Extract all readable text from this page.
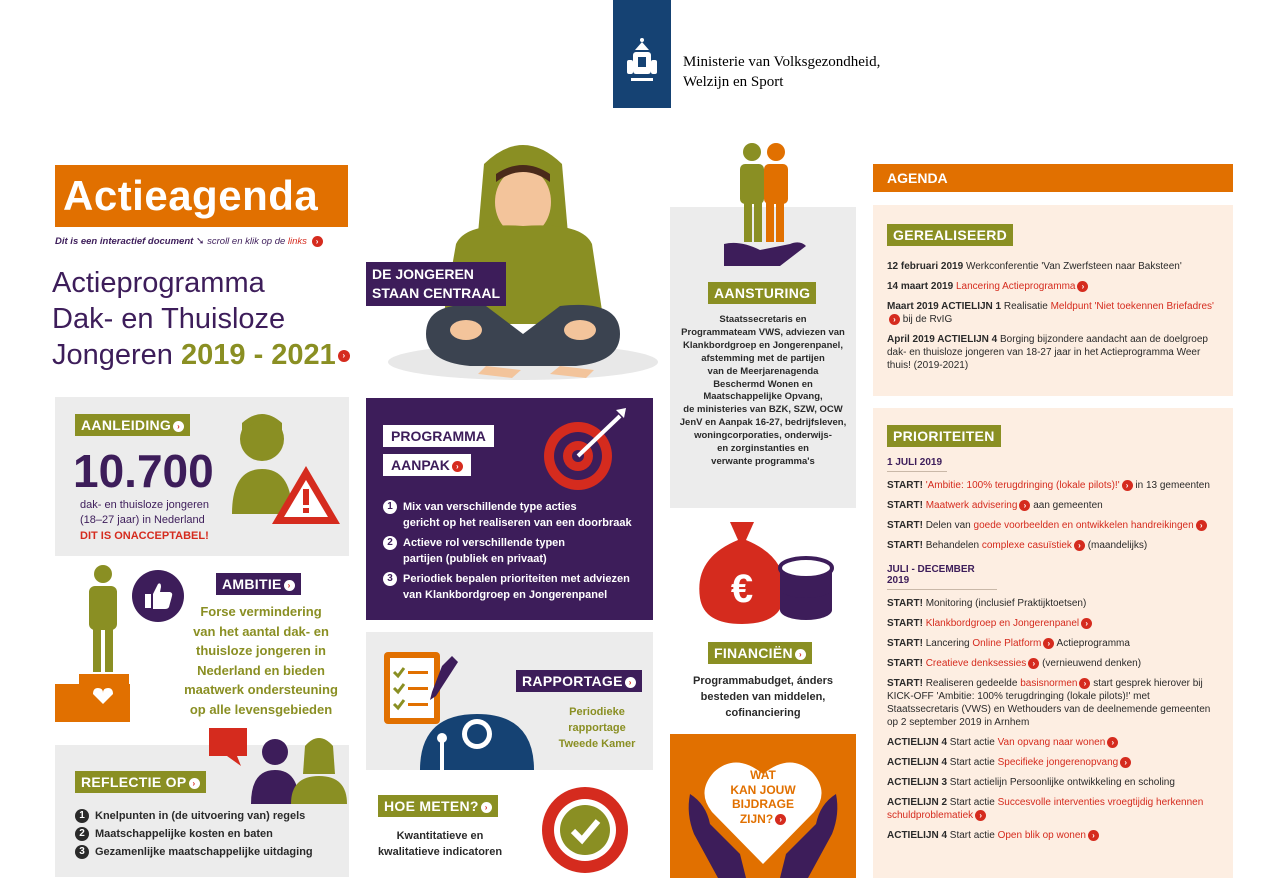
Ministerie van Volksgezondheid,
Welzijn en Sport
Actieagenda
Dit is een interactief document ➘ scroll en klik op de links ›
Actieprogramma
Dak- en Thuisloze
Jongeren 2019 - 2021 ›
AANLEIDING ›
10.700
dak- en thuisloze jongeren
(18–27 jaar) in Nederland
DIT IS ONACCEPTABEL!
AMBITIE ›
Forse vermindering
van het aantal dak- en
thuisloze jongeren in
Nederland en bieden
maatwerk ondersteuning
op alle levensgebieden
REFLECTIE OP ›
1 Knelpunten in (de uitvoering van) regels
2 Maatschappelijke kosten en baten
3 Gezamenlijke maatschappelijke uitdaging
DE JONGEREN
STAAN CENTRAAL
PROGRAMMA
AANPAK ›
1 Mix van verschillende type acties
gericht op het realiseren van een doorbraak
2 Actieve rol verschillende typen
partijen (publiek en privaat)
3 Periodiek bepalen prioriteiten met adviezen
van Klankbordgroep en Jongerenpanel
RAPPORTAGE ›
Periodieke
rapportage
Tweede Kamer
HOE METEN? ›
Kwantitatieve en
kwalitatieve indicatoren
AANSTURING
Staatssecretaris en
Programmateam VWS, adviezen van
Klankbordgroep en Jongerenpanel,
afstemming met de partijen
van de Meerjarenagenda
Beschermd Wonen en
Maatschappelijke Opvang,
de ministeries van BZK, SZW, OCW
JenV en Aanpak 16-27, bedrijfsleven,
woningcorporaties, onderwijs-
en zorginstanties en
verwante programma's
€
FINANCIËN ›
Programmabudget, ánders
besteden van middelen,
cofinanciering
WAT
KAN JOUW
BIJDRAGE
ZIJN? ›
AGENDA
GEREALISEERD
12 februari 2019 Werkconferentie 'Van Zwerfsteen naar Baksteen'
14 maart 2019 Lancering Actieprogramma ›
Maart 2019 ACTIELIJN 1 Realisatie Meldpunt 'Niet toekennen Briefadres'› bij de RvIG
April 2019 ACTIELIJN 4 Borging bijzondere aandacht aan de doelgroep dak- en thuisloze jongeren van 18-27 jaar in het Actieprogramma Weer thuis! (2019-2021)
PRIORITEITEN
1 JULI 2019
START! 'Ambitie: 100% terugdringing (lokale pilots)!' › in 13 gemeenten
START! Maatwerk advisering › aan gemeenten
START! Delen van goede voorbeelden en ontwikkelen handreikingen ›
START! Behandelen complexe casuïstiek › (maandelijks)
JULI - DECEMBER 2019
START! Monitoring (inclusief Praktijktoetsen)
START! Klankbordgroep en Jongerenpanel ›
START! Lancering Online Platform › Actieprogramma
START! Creatieve denksessies › (vernieuwend denken)
START! Realiseren gedeelde basisnormen › start gesprek hierover bij KICK-OFF 'Ambitie: 100% terugdringing (lokale pilots)!' met Staatssecretaris (VWS) en Wethouders van de deelnemende gemeenten op 2 september 2019 in Arnhem
ACTIELIJN 4 Start actie Van opvang naar wonen ›
ACTIELIJN 4 Start actie Specifieke jongerenopvang ›
ACTIELIJN 3 Start actielijn Persoonlijke ontwikkeling en scholing
ACTIELIJN 2 Start actie Succesvolle interventies vroegtijdig herkennen schuldproblematiek ›
ACTIELIJN 4 Start actie Open blik op wonen ›
